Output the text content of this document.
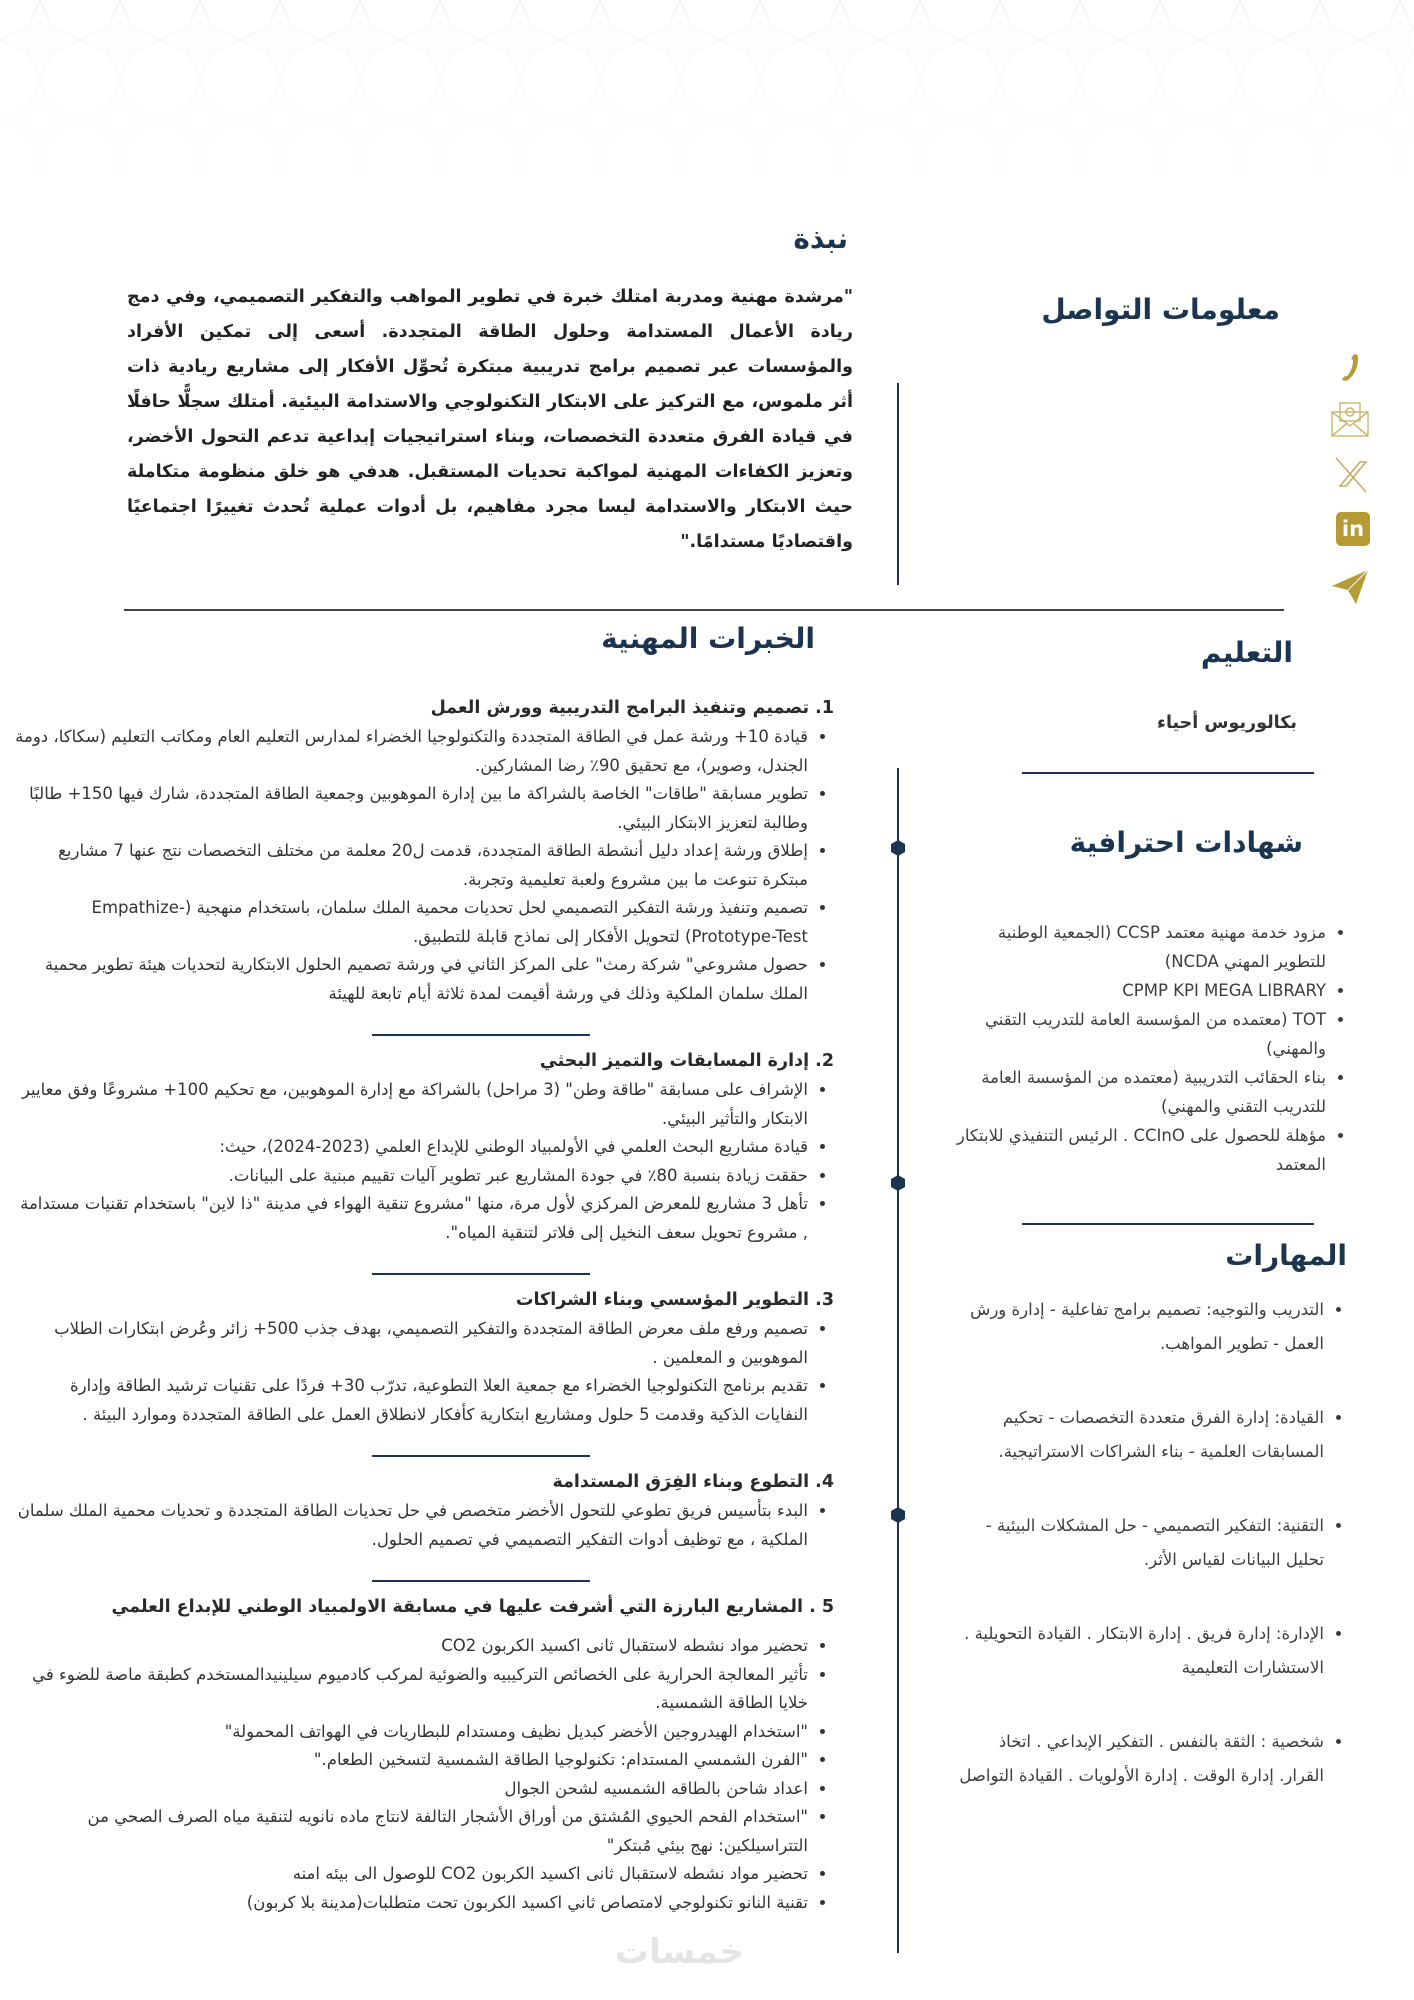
نبذة

"مرشدة مهنية ومدربة امتلك خبرة في تطوير المواهب والتفكير التصميمي، وفي دمج ريادة الأعمال المستدامة وحلول الطاقة المتجددة. أسعى إلى تمكين الأفراد والمؤسسات عبر تصميم برامج تدريبية مبتكرة تُحوِّل الأفكار إلى مشاريع ريادية ذات أثر ملموس، مع التركيز على الابتكار التكنولوجي والاستدامة البيئية. أمتلك سجلًّا حافلًا في قيادة الفرق متعددة التخصصات، وبناء استراتيجيات إبداعية تدعم التحول الأخضر، وتعزيز الكفاءات المهنية لمواكبة تحديات المستقبل. هدفي هو خلق منظومة متكاملة حيث الابتكار والاستدامة ليسا مجرد مفاهيم، بل أدوات عملية تُحدث تغييرًا اجتماعيًا واقتصاديًا مستدامًا."

معلومات التواصل
in
التعليم
بكالوريوس أحياء
شهادات احترافية
• مزود خدمة مهنية معتمد CCSP (الجمعية الوطنية للتطوير المهني NCDA)
• CPMP KPI MEGA LIBRARY
• TOT (معتمده من المؤسسة العامة للتدريب التقني والمهني)
• بناء الحقائب التدريبية (معتمده من المؤسسة العامة للتدريب التقني والمهني)
• مؤهلة للحصول على CCInO . الرئيس التنفيذي للابتكار المعتمد
المهارات
• التدريب والتوجيه: تصميم برامج تفاعلية - إدارة ورش العمل - تطوير المواهب.
• القيادة: إدارة الفرق متعددة التخصصات - تحكيم المسابقات العلمية - بناء الشراكات الاستراتيجية.
• التقنية: التفكير التصميمي - حل المشكلات البيئية - تحليل البيانات لقياس الأثر.
• الإدارة: إدارة فريق . إدارة الابتكار . القيادة التحويلية . الاستشارات التعليمية
• شخصية : الثقة بالنفس . التفكير الإبداعي . اتخاذ القرار. إدارة الوقت . إدارة الأولويات . القيادة التواصل
الخبرات المهنية
1. تصميم وتنفيذ البرامج التدريبية وورش العمل
• قيادة 10+ ورشة عمل في الطاقة المتجددة والتكنولوجيا الخضراء لمدارس التعليم العام ومكاتب التعليم (سكاكا، دومة الجندل، وصوير)، مع تحقيق 90٪ رضا المشاركين.
• تطوير مسابقة "طاقات" الخاصة بالشراكة ما بين إدارة الموهوبين وجمعية الطاقة المتجددة، شارك فيها 150+ طالبًا وطالبة لتعزيز الابتكار البيئي.
• إطلاق ورشة إعداد دليل أنشطة الطاقة المتجددة، قدمت ل20 معلمة من مختلف التخصصات نتج عنها 7 مشاريع مبتكرة تنوعت ما بين مشروع ولعبة تعليمية وتجربة.
• تصميم وتنفيذ ورشة التفكير التصميمي لحل تحديات محمية الملك سلمان، باستخدام منهجية (Empathize-Prototype-Test) لتحويل الأفكار إلى نماذج قابلة للتطبيق.
• حصول مشروعي" شركة رمث" على المركز الثاني في ورشة تصميم الحلول الابتكارية لتحديات هيئة تطوير محمية الملك سلمان الملكية وذلك في ورشة أقيمت لمدة ثلاثة أيام تابعة للهيئة
2. إدارة المسابقات والتميز البحثي
• الإشراف على مسابقة "طاقة وطن" (3 مراحل) بالشراكة مع إدارة الموهوبين، مع تحكيم 100+ مشروعًا وفق معايير الابتكار والتأثير البيئي.
• قيادة مشاريع البحث العلمي في الأولمبياد الوطني للإبداع العلمي (2023-2024)، حيث:
• حققت زيادة بنسبة 80٪ في جودة المشاريع عبر تطوير آليات تقييم مبنية على البيانات.
• تأهل 3 مشاريع للمعرض المركزي لأول مرة، منها "مشروع تنقية الهواء في مدينة "ذا لاين" باستخدام تقنيات مستدامة , مشروع تحويل سعف النخيل إلى فلاتر لتنقية المياه".
3. التطوير المؤسسي وبناء الشراكات
• تصميم ورفع ملف معرض الطاقة المتجددة والتفكير التصميمي، بهدف جذب 500+ زائر وعُرض ابتكارات الطلاب الموهوبين و المعلمين .
• تقديم برنامج التكنولوجيا الخضراء مع جمعية العلا التطوعية، تدرّب 30+ فردًا على تقنيات ترشيد الطاقة وإدارة النفايات الذكية وقدمت 5 حلول ومشاريع ابتكارية كأفكار لانطلاق العمل على الطاقة المتجددة وموارد البيئة .
4. التطوع وبناء الفِرَق المستدامة
• البدء بتأسيس فريق تطوعي للتحول الأخضر متخصص في حل تحديات الطاقة المتجددة و تحديات محمية الملك سلمان الملكية ، مع توظيف أدوات التفكير التصميمي في تصميم الحلول.
5 . المشاريع البارزة التي أشرفت عليها في مسابقة الاولمبياد الوطني للإبداع العلمي
• تحضير مواد نشطه لاستقبال ثانى اكسيد الكربون CO2
• تأثير المعالجة الحرارية على الخصائص التركيبيه والضوئية لمركب كادميوم سيلينيدالمستخدم كطبقة ماصة للضوء في خلايا الطاقة الشمسية.
• "استخدام الهيدروجين الأخضر كبديل نظيف ومستدام للبطاريات في الهواتف المحمولة"
• "الفرن الشمسي المستدام: تكنولوجيا الطاقة الشمسية لتسخين الطعام."
• اعداد شاحن بالطاقه الشمسيه لشحن الجوال
• "استخدام الفحم الحيوي المُشتق من أوراق الأشجار التالفة لانتاج ماده نانويه لتنقية مياه الصرف الصحي من التتراسيلكين: نهج بيئي مُبتكر"
• تحضير مواد نشطه لاستقبال ثانى اكسيد الكربون CO2 للوصول الى بيئه امنه
• تقنية النانو تكنولوجي لامتصاص ثاني اكسيد الكربون تحت متطلبات(مدينة بلا كربون)
خمسات
